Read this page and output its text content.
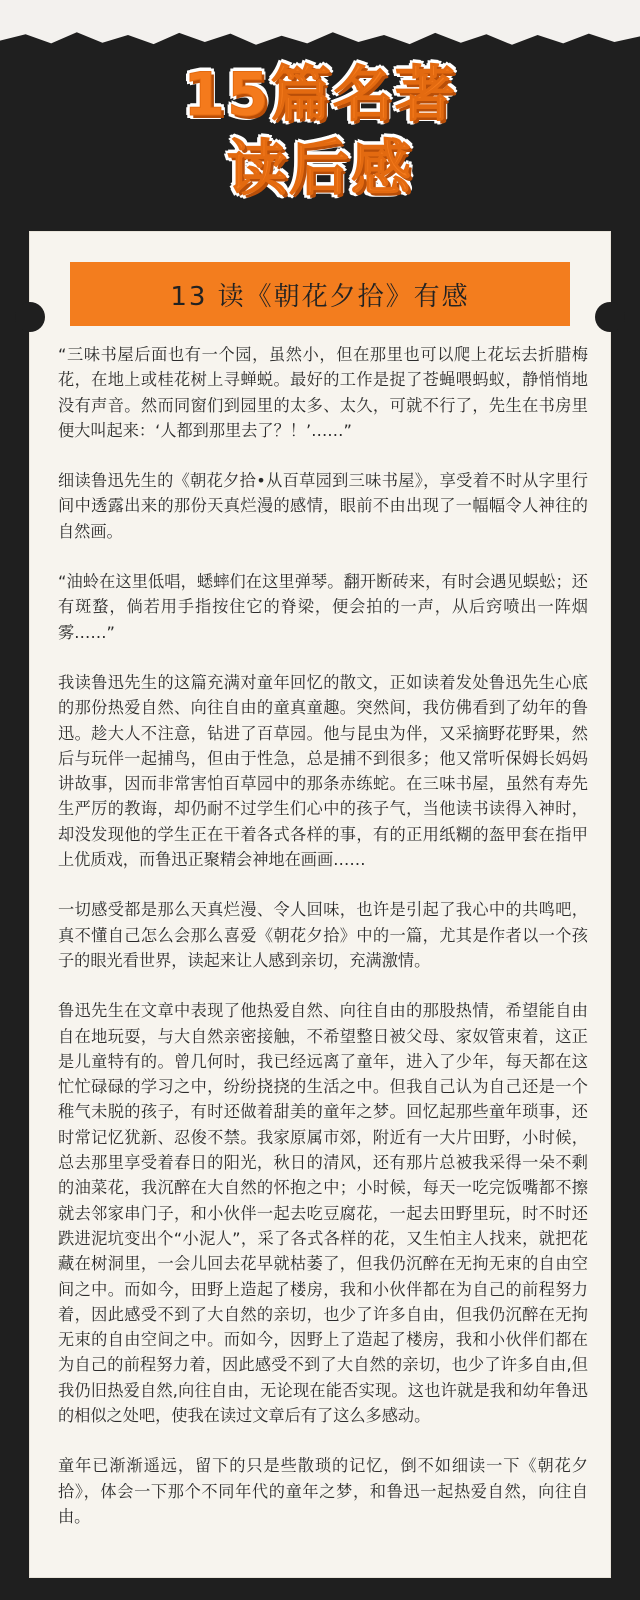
15篇名著
读后感
13 读《朝花夕拾》有感

“三味书屋后面也有一个园，虽然小，但在那里也可以爬上花坛去折腊梅花，在地上或桂花树上寻蝉蜕。最好的工作是捉了苍蝇喂蚂蚁，静悄悄地没有声音。然而同窗们到园里的太多、太久，可就不行了，先生在书房里便大叫起来：‘人都到那里去了？！’……”

细读鲁迅先生的《朝花夕拾•从百草园到三味书屋》，享受着不时从字里行间中透露出来的那份天真烂漫的感情，眼前不由出现了一幅幅令人神往的自然画。

“油蛉在这里低唱，蟋蟀们在这里弹琴。翻开断砖来，有时会遇见蜈蚣；还有斑蝥，倘若用手指按住它的脊梁，便会拍的一声，从后窍喷出一阵烟雾……”

我读鲁迅先生的这篇充满对童年回忆的散文，正如读着发处鲁迅先生心底的那份热爱自然、向往自由的童真童趣。突然间，我仿佛看到了幼年的鲁迅。趁大人不注意，钻进了百草园。他与昆虫为伴，又采摘野花野果，然后与玩伴一起捕鸟，但由于性急，总是捕不到很多；他又常听保姆长妈妈讲故事，因而非常害怕百草园中的那条赤练蛇。在三味书屋，虽然有寿先生严厉的教诲，却仍耐不过学生们心中的孩子气，当他读书读得入神时，却没发现他的学生正在干着各式各样的事，有的正用纸糊的盔甲套在指甲上优质戏，而鲁迅正聚精会神地在画画……

一切感受都是那么天真烂漫、令人回味，也许是引起了我心中的共鸣吧，真不懂自己怎么会那么喜爱《朝花夕拾》中的一篇，尤其是作者以一个孩子的眼光看世界，读起来让人感到亲切，充满激情。

鲁迅先生在文章中表现了他热爱自然、向往自由的那股热情，希望能自由自在地玩耍，与大自然亲密接触，不希望整日被父母、家奴管束着，这正是儿童特有的。曾几何时，我已经远离了童年，进入了少年，每天都在这忙忙碌碌的学习之中，纷纷挠挠的生活之中。但我自己认为自己还是一个稚气未脱的孩子，有时还做着甜美的童年之梦。回忆起那些童年琐事，还时常记忆犹新、忍俊不禁。我家原属市郊，附近有一大片田野，小时候，总去那里享受着春日的阳光，秋日的清风，还有那片总被我采得一朵不剩的油菜花，我沉醉在大自然的怀抱之中；小时候，每天一吃完饭嘴都不擦就去邻家串门子，和小伙伴一起去吃豆腐花，一起去田野里玩，时不时还跌进泥坑变出个“小泥人”，采了各式各样的花，又生怕主人找来，就把花藏在树洞里，一会儿回去花早就枯萎了，但我仍沉醉在无拘无束的自由空间之中。而如今，田野上造起了楼房，我和小伙伴都在为自己的前程努力着，因此感受不到了大自然的亲切，也少了许多自由，但我仍沉醉在无拘无束的自由空间之中。而如今，因野上了造起了楼房，我和小伙伴们都在为自己的前程努力着，因此感受不到了大自然的亲切，也少了许多自由,但我仍旧热爱自然,向往自由，无论现在能否实现。这也许就是我和幼年鲁迅的相似之处吧，使我在读过文章后有了这么多感动。

童年已渐渐遥远，留下的只是些散琐的记忆，倒不如细读一下《朝花夕拾》，体会一下那个不同年代的童年之梦，和鲁迅一起热爱自然，向往自由。
